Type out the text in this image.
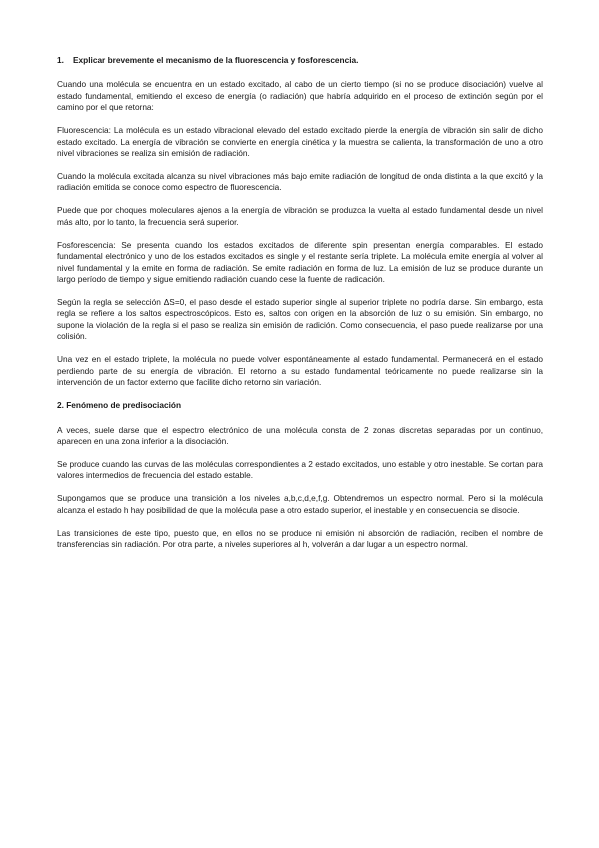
1. Explicar brevemente el mecanismo de la fluorescencia y fosforescencia.

Cuando una molécula se encuentra en un estado excitado, al cabo de un cierto tiempo (si no se produce disociación) vuelve al estado fundamental, emitiendo el exceso de energía (o radiación) que habría adquirido en el proceso de extinción según por el camino por el que retorna:

Fluorescencia: La molécula es un estado vibracional elevado del estado excitado pierde la energía de vibración sin salir de dicho estado excitado. La energía de vibración se convierte en energía cinética y la muestra se calienta, la transformación de uno a otro nivel vibraciones se realiza sin emisión de radiación.

Cuando la molécula excitada alcanza su nivel vibraciones más bajo emite radiación de longitud de onda distinta a la que excitó y la radiación emitida se conoce como espectro de fluorescencia.

Puede que por choques moleculares ajenos a la energía de vibración se produzca la vuelta al estado fundamental desde un nivel más alto, por lo tanto, la frecuencia será superior.

Fosforescencia: Se presenta cuando los estados excitados de diferente spin presentan energía comparables. El estado fundamental electrónico y uno de los estados excitados es single y el restante sería triplete. La molécula emite energía al volver al nivel fundamental y la emite en forma de radiación. Se emite radiación en forma de luz. La emisión de luz se produce durante un largo período de tiempo y sigue emitiendo radiación cuando cese la fuente de radicación.

Según la regla se selección ΔS=0, el paso desde el estado superior single al superior triplete no podría darse. Sin embargo, esta regla se refiere a los saltos espectroscópicos. Esto es, saltos con origen en la absorción de luz o su emisión. Sin embargo, no supone la violación de la regla si el paso se realiza sin emisión de radición. Como consecuencia, el paso puede realizarse por una colisión.

Una vez en el estado triplete, la molécula no puede volver espontáneamente al estado fundamental. Permanecerá en el estado perdiendo parte de su energía de vibración. El retorno a su estado fundamental teóricamente no puede realizarse sin la intervención de un factor externo que facilite dicho retorno sin variación.

2. Fenómeno de predisociación

A veces, suele darse que el espectro electrónico de una molécula consta de 2 zonas discretas separadas por un continuo, aparecen en una zona inferior a la disociación.

Se produce cuando las curvas de las moléculas correspondientes a 2 estado excitados, uno estable y otro inestable. Se cortan para valores intermedios de frecuencia del estado estable.

Supongamos que se produce una transición a los niveles a,b,c,d,e,f,g. Obtendremos un espectro normal. Pero si la molécula alcanza el estado h hay posibilidad de que la molécula pase a otro estado superior, el inestable y en consecuencia se disocie.

Las transiciones de este tipo, puesto que, en ellos no se produce ni emisión ni absorción de radiación, reciben el nombre de transferencias sin radiación. Por otra parte, a niveles superiores al h, volverán a dar lugar a un espectro normal.
